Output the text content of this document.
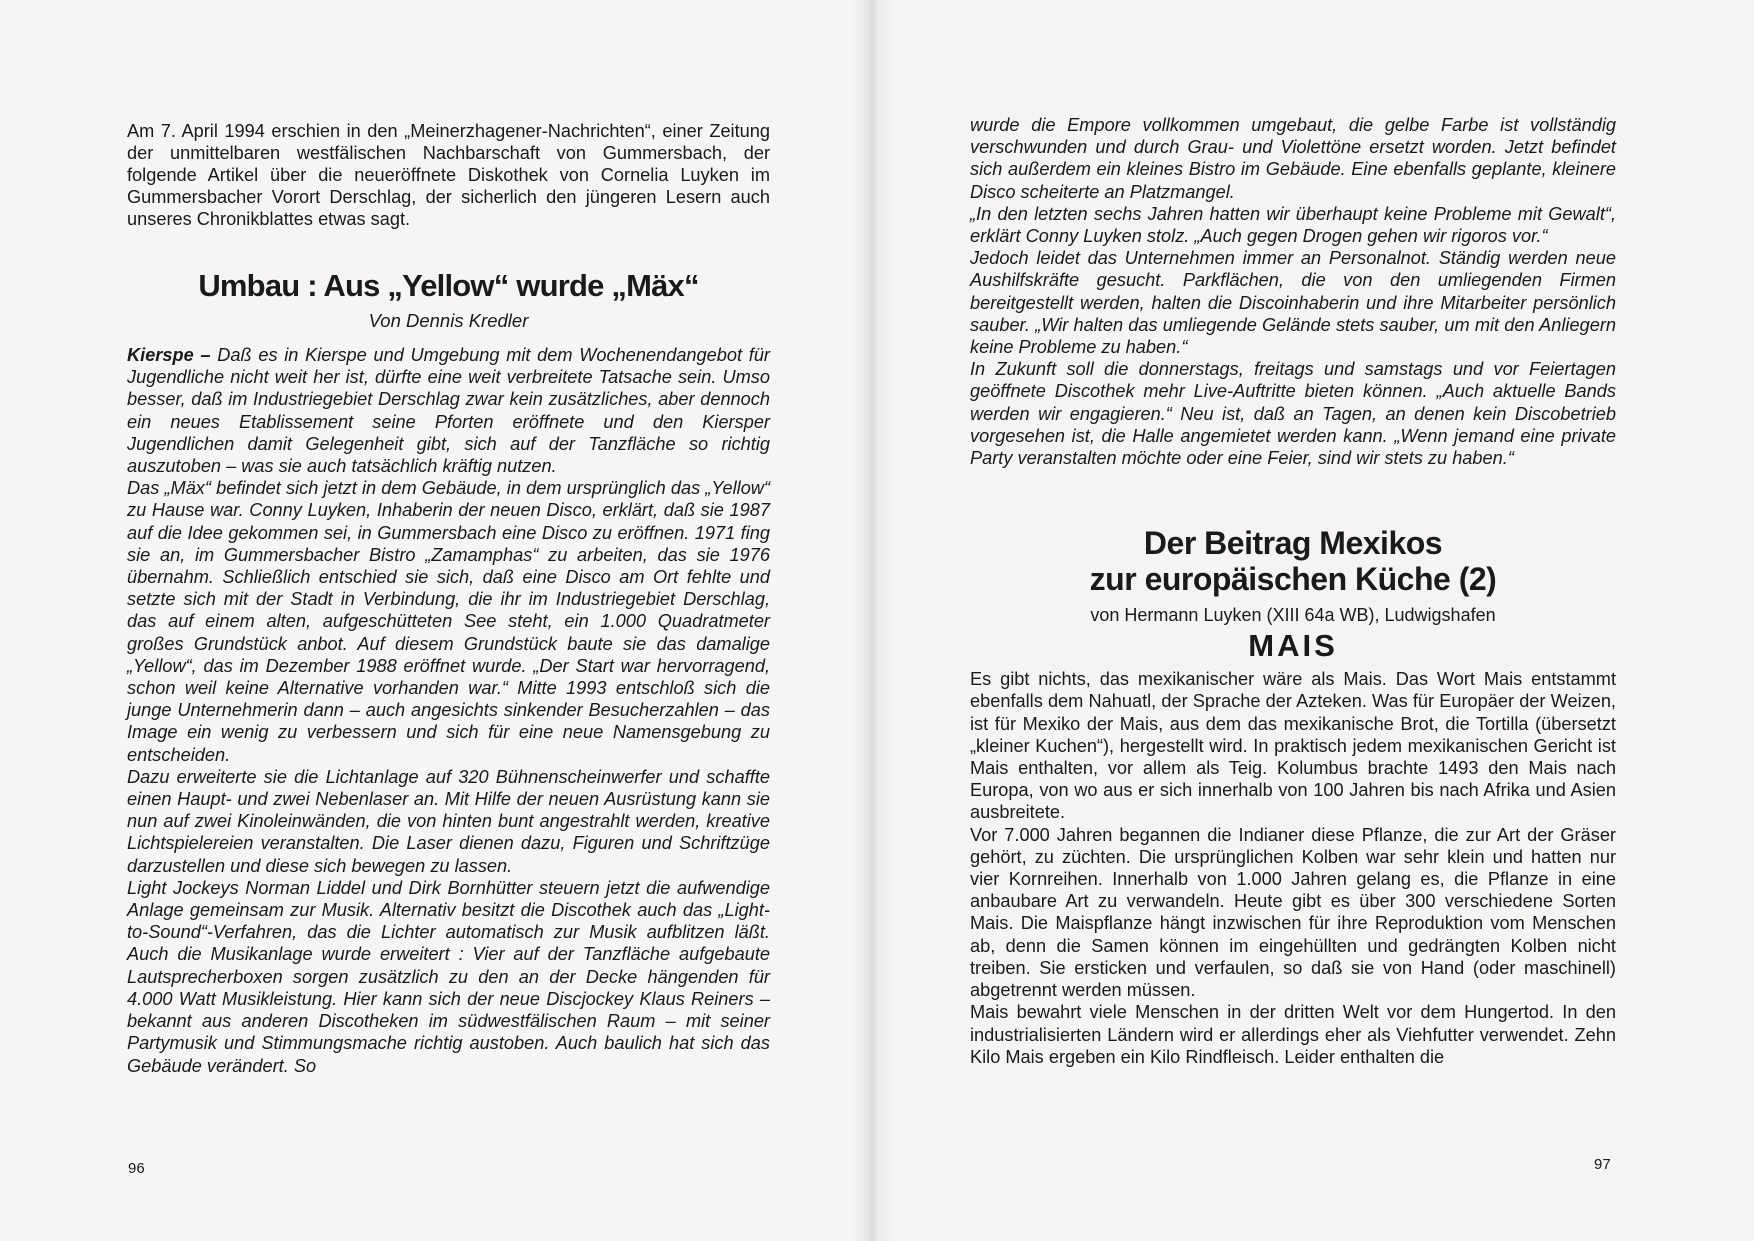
Am 7. April 1994 erschien in den „Meinerzhagener-Nachrichten“, einer Zeitung der unmittelbaren westfälischen Nachbarschaft von Gummersbach, der folgende Artikel über die neueröffnete Diskothek von Cornelia Luyken im Gummersbacher Vorort Derschlag, der sicherlich den jüngeren Lesern auch unseres Chronikblattes etwas sagt.

Umbau : Aus „Yellow“ wurde „Mäx“
Von Dennis Kredler

Kierspe – Daß es in Kierspe und Umgebung mit dem Wochenendangebot für Jugendliche nicht weit her ist, dürfte eine weit verbreitete Tatsache sein. Umso besser, daß im Industriegebiet Derschlag zwar kein zusätzliches, aber dennoch ein neues Etablissement seine Pforten eröffnete und den Kiersper Jugendlichen damit Gelegenheit gibt, sich auf der Tanzfläche so richtig auszutoben – was sie auch tatsächlich kräftig nutzen.

Das „Mäx“ befindet sich jetzt in dem Gebäude, in dem ursprünglich das „Yellow“ zu Hause war. Conny Luyken, Inhaberin der neuen Disco, erklärt, daß sie 1987 auf die Idee gekommen sei, in Gummersbach eine Disco zu eröffnen. 1971 fing sie an, im Gummersbacher Bistro „Zamamphas“ zu arbeiten, das sie 1976 übernahm. Schließlich entschied sie sich, daß eine Disco am Ort fehlte und setzte sich mit der Stadt in Verbindung, die ihr im Industriegebiet Derschlag, das auf einem alten, aufgeschütteten See steht, ein 1.000 Quadratmeter großes Grundstück anbot. Auf diesem Grundstück baute sie das damalige „Yellow“, das im Dezember 1988 eröffnet wurde. „Der Start war hervorragend, schon weil keine Alternative vorhanden war.“ Mitte 1993 entschloß sich die junge Unternehmerin dann – auch angesichts sinkender Besucherzahlen – das Image ein wenig zu verbessern und sich für eine neue Namensgebung zu entscheiden.

Dazu erweiterte sie die Lichtanlage auf 320 Bühnenscheinwerfer und schaffte einen Haupt- und zwei Nebenlaser an. Mit Hilfe der neuen Ausrüstung kann sie nun auf zwei Kinoleinwänden, die von hinten bunt angestrahlt werden, kreative Lichtspielereien veranstalten. Die Laser dienen dazu, Figuren und Schriftzüge darzustellen und diese sich bewegen zu lassen.

Light Jockeys Norman Liddel und Dirk Bornhütter steuern jetzt die aufwendige Anlage gemeinsam zur Musik. Alternativ besitzt die Discothek auch das „Light-to-Sound“-Verfahren, das die Lichter automatisch zur Musik aufblitzen läßt. Auch die Musikanlage wurde erweitert : Vier auf der Tanzfläche aufgebaute Lautsprecherboxen sorgen zusätzlich zu den an der Decke hängenden für 4.000 Watt Musikleistung. Hier kann sich der neue Discjockey Klaus Reiners – bekannt aus anderen Discotheken im südwestfälischen Raum – mit seiner Partymusik und Stimmungsmache richtig austoben. Auch baulich hat sich das Gebäude verändert. So

96

wurde die Empore vollkommen umgebaut, die gelbe Farbe ist vollständig verschwunden und durch Grau- und Violettöne ersetzt worden. Jetzt befindet sich außerdem ein kleines Bistro im Gebäude. Eine ebenfalls geplante, kleinere Disco scheiterte an Platzmangel.

„In den letzten sechs Jahren hatten wir überhaupt keine Probleme mit Gewalt“, erklärt Conny Luyken stolz. „Auch gegen Drogen gehen wir rigoros vor.“

Jedoch leidet das Unternehmen immer an Personalnot. Ständig werden neue Aushilfskräfte gesucht. Parkflächen, die von den umliegenden Firmen bereitgestellt werden, halten die Discoinhaberin und ihre Mitarbeiter persönlich sauber. „Wir halten das umliegende Gelände stets sauber, um mit den Anliegern keine Probleme zu haben.“

In Zukunft soll die donnerstags, freitags und samstags und vor Feiertagen geöffnete Discothek mehr Live-Auftritte bieten können. „Auch aktuelle Bands werden wir engagieren.“ Neu ist, daß an Tagen, an denen kein Discobetrieb vorgesehen ist, die Halle angemietet werden kann. „Wenn jemand eine private Party veranstalten möchte oder eine Feier, sind wir stets zu haben.“

Der Beitrag Mexikos
zur europäischen Küche (2)
von Hermann Luyken (XIII 64a WB), Ludwigshafen
MAIS

Es gibt nichts, das mexikanischer wäre als Mais. Das Wort Mais entstammt ebenfalls dem Nahuatl, der Sprache der Azteken. Was für Europäer der Weizen, ist für Mexiko der Mais, aus dem das mexikanische Brot, die Tortilla (übersetzt „kleiner Kuchen“), hergestellt wird. In praktisch jedem mexikanischen Gericht ist Mais enthalten, vor allem als Teig. Kolumbus brachte 1493 den Mais nach Europa, von wo aus er sich innerhalb von 100 Jahren bis nach Afrika und Asien ausbreitete.

Vor 7.000 Jahren begannen die Indianer diese Pflanze, die zur Art der Gräser gehört, zu züchten. Die ursprünglichen Kolben war sehr klein und hatten nur vier Kornreihen. Innerhalb von 1.000 Jahren gelang es, die Pflanze in eine anbaubare Art zu verwandeln. Heute gibt es über 300 verschiedene Sorten Mais. Die Maispflanze hängt inzwischen für ihre Reproduktion vom Menschen ab, denn die Samen können im eingehüllten und gedrängten Kolben nicht treiben. Sie ersticken und verfaulen, so daß sie von Hand (oder maschinell) abgetrennt werden müssen.

Mais bewahrt viele Menschen in der dritten Welt vor dem Hungertod. In den industrialisierten Ländern wird er allerdings eher als Viehfutter verwendet. Zehn Kilo Mais ergeben ein Kilo Rindfleisch. Leider enthalten die

97
